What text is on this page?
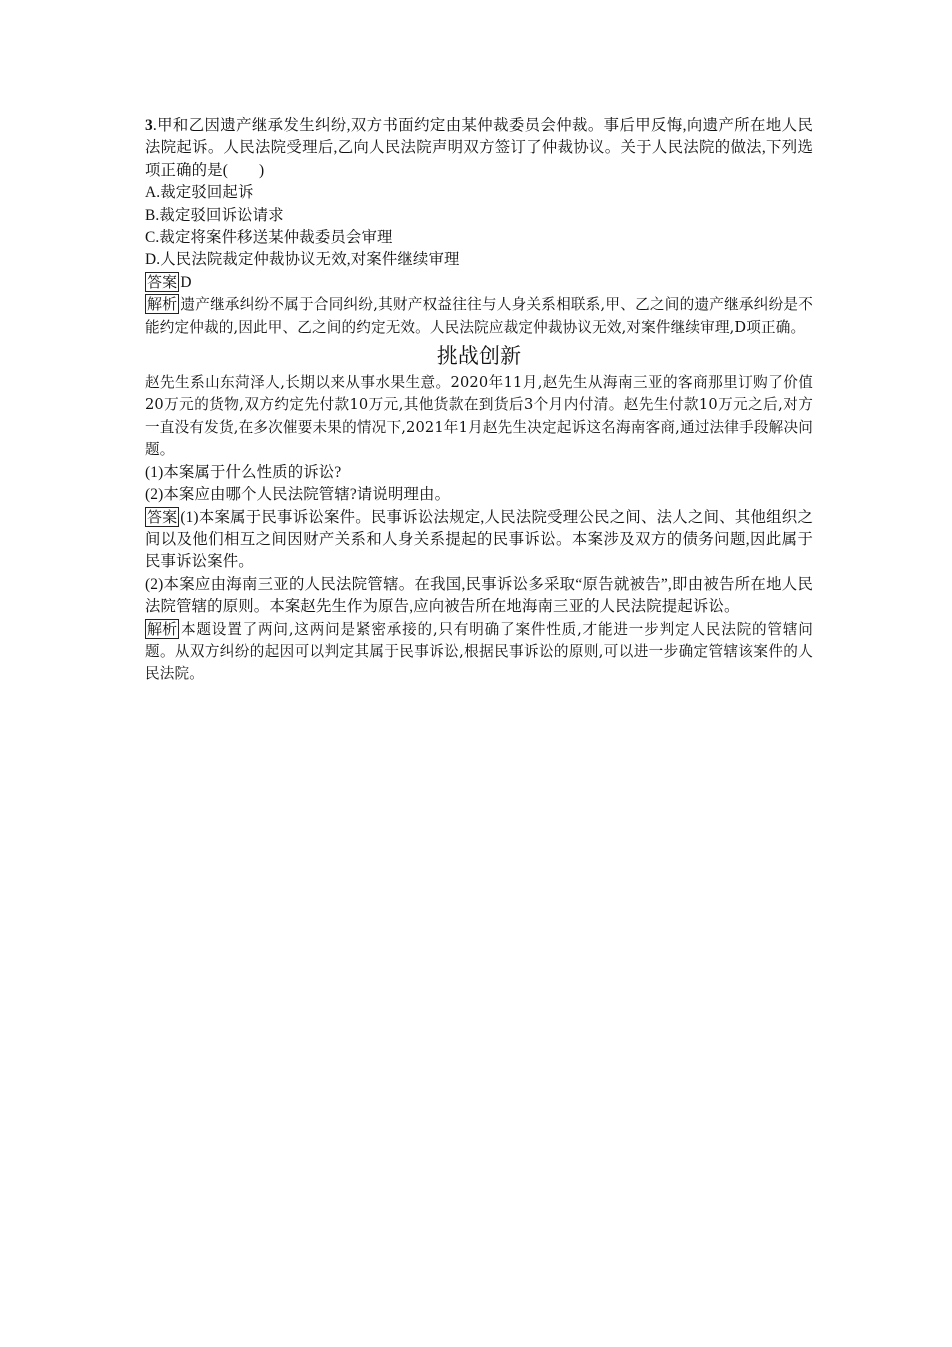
3.甲和乙因遗产继承发生纠纷,双方书面约定由某仲裁委员会仲裁。事后甲反悔,向遗产所在地人民法院起诉。人民法院受理后,乙向人民法院声明双方签订了仲裁协议。关于人民法院的做法,下列选项正确的是(　　)

A.裁定驳回起诉

B.裁定驳回诉讼请求

C.裁定将案件移送某仲裁委员会审理

D.人民法院裁定仲裁协议无效,对案件继续审理

答案 D

解析 遗产继承纠纷不属于合同纠纷,其财产权益往往与人身关系相联系,甲、乙之间的遗产继承纠纷是不能约定仲裁的,因此甲、乙之间的约定无效。人民法院应裁定仲裁协议无效,对案件继续审理,D项正确。

挑战创新

赵先生系山东菏泽人,长期以来从事水果生意。2020年11月,赵先生从海南三亚的客商那里订购了价值20万元的货物,双方约定先付款10万元,其他货款在到货后3个月内付清。赵先生付款10万元之后,对方一直没有发货,在多次催要未果的情况下,2021年1月赵先生决定起诉这名海南客商,通过法律手段解决问题。

(1)本案属于什么性质的诉讼?

(2)本案应由哪个人民法院管辖?请说明理由。

答案 (1)本案属于民事诉讼案件。民事诉讼法规定,人民法院受理公民之间、法人之间、其他组织之间以及他们相互之间因财产关系和人身关系提起的民事诉讼。本案涉及双方的债务问题,因此属于民事诉讼案件。

(2)本案应由海南三亚的人民法院管辖。在我国,民事诉讼多采取“原告就被告”,即由被告所在地人民法院管辖的原则。本案赵先生作为原告,应向被告所在地海南三亚的人民法院提起诉讼。

解析 本题设置了两问,这两问是紧密承接的,只有明确了案件性质,才能进一步判定人民法院的管辖问题。从双方纠纷的起因可以判定其属于民事诉讼,根据民事诉讼的原则,可以进一步确定管辖该案件的人民法院。
